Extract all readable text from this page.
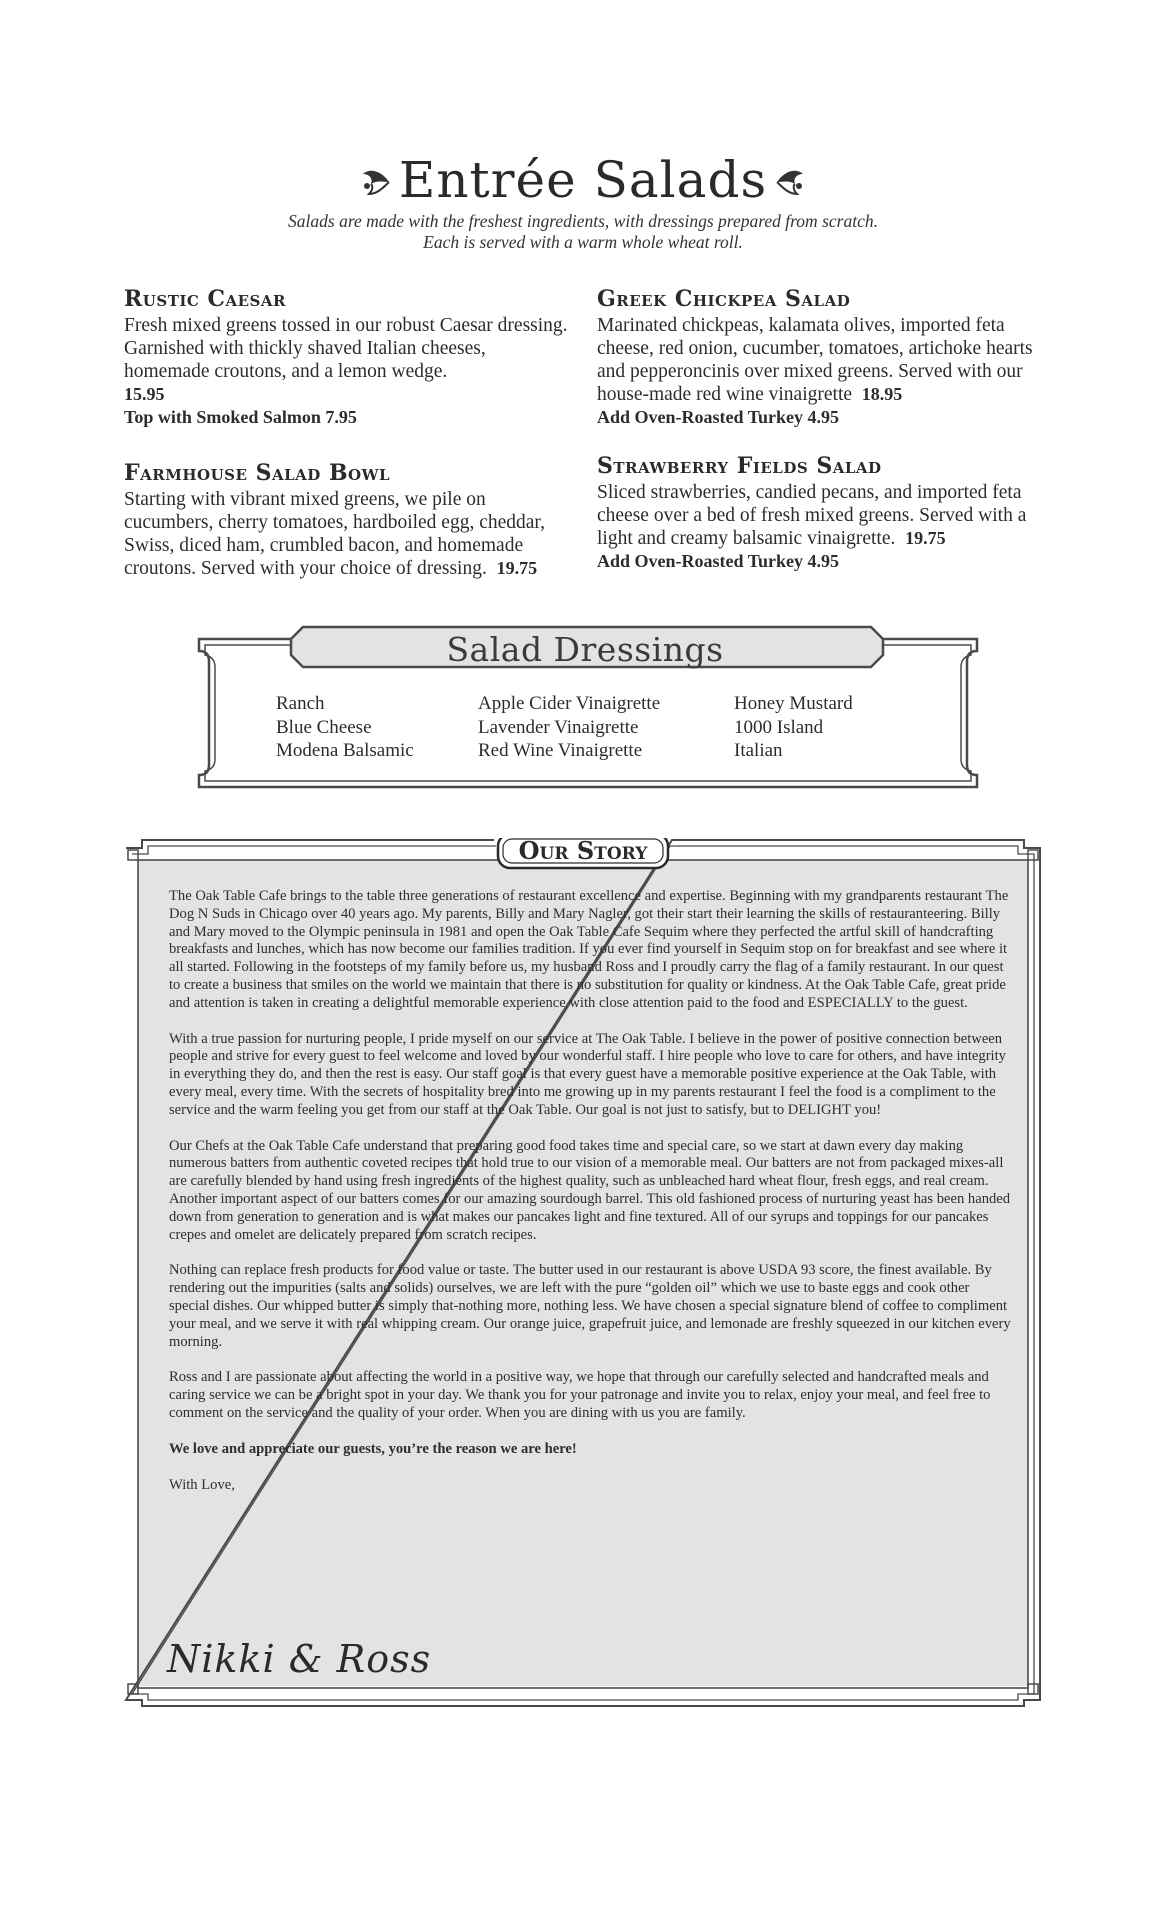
Entrée Salads
Salads are made with the freshest ingredients, with dressings prepared from scratch.
Each is served with a warm whole wheat roll.
Rustic Caesar
Fresh mixed greens tossed in our robust Caesar dressing. Garnished with thickly shaved Italian cheeses, homemade croutons, and a lemon wedge.
15.95
Top with Smoked Salmon 7.95
Farmhouse Salad Bowl
Starting with vibrant mixed greens, we pile on cucumbers, cherry tomatoes, hardboiled egg, cheddar, Swiss, diced ham, crumbled bacon, and homemade croutons. Served with your choice of dressing. 19.75
Greek Chickpea Salad
Marinated chickpeas, kalamata olives, imported feta cheese, red onion, cucumber, tomatoes, artichoke hearts and pepperoncinis over mixed greens. Served with our house-made red wine vinaigrette 18.95
Add Oven-Roasted Turkey 4.95
Strawberry Fields Salad
Sliced strawberries, candied pecans, and imported feta cheese over a bed of fresh mixed greens. Served with a light and creamy balsamic vinaigrette. 19.75
Add Oven-Roasted Turkey 4.95
Salad Dressings
Ranch
Blue Cheese
Modena Balsamic
Apple Cider Vinaigrette
Lavender Vinaigrette
Red Wine Vinaigrette
Honey Mustard
1000 Island
Italian
Our Story

The Oak Table Cafe brings to the table three generations of restaurant excellence and expertise. Beginning with my grandparents restaurant The Dog N Suds in Chicago over 40 years ago. My parents, Billy and Mary Nagler, got their start their learning the skills of restauranteering. Billy and Mary moved to the Olympic peninsula in 1981 and open the Oak Table Cafe Sequim where they perfected the artful skill of handcrafting breakfasts and lunches, which has now become our families tradition. If you ever find yourself in Sequim stop on for breakfast and see where it all started. Following in the footsteps of my family before us, my husband Ross and I proudly carry the flag of a family restaurant. In our quest to create a business that smiles on the world we maintain that there is no substitution for quality or kindness. At the Oak Table Cafe, great pride and attention is taken in creating a delightful memorable experience with close attention paid to the food and ESPECIALLY to the guest.

With a true passion for nurturing people, I pride myself on our service at The Oak Table. I believe in the power of positive connection between people and strive for every guest to feel welcome and loved by our wonderful staff. I hire people who love to care for others, and have integrity in everything they do, and then the rest is easy. Our staff goal is that every guest have a memorable positive experience at the Oak Table, with every meal, every time. With the secrets of hospitality bred into me growing up in my parents restaurant I feel the food is a compliment to the service and the warm feeling you get from our staff at the Oak Table. Our goal is not just to satisfy, but to DELIGHT you!

Our Chefs at the Oak Table Cafe understand that preparing good food takes time and special care, so we start at dawn every day making numerous batters from authentic coveted recipes that hold true to our vision of a memorable meal. Our batters are not from packaged mixes-all are carefully blended by hand using fresh ingredients of the highest quality, such as unbleached hard wheat flour, fresh eggs, and real cream. Another important aspect of our batters comes for our amazing sourdough barrel. This old fashioned process of nurturing yeast has been handed down from generation to generation and is what makes our pancakes light and fine textured. All of our syrups and toppings for our pancakes crepes and omelet are delicately prepared from scratch recipes.

Nothing can replace fresh products for food value or taste. The butter used in our restaurant is above USDA 93 score, the finest available. By rendering out the impurities (salts and solids) ourselves, we are left with the pure “golden oil” which we use to baste eggs and cook other special dishes. Our whipped butter is simply that-nothing more, nothing less. We have chosen a special signature blend of coffee to compliment your meal, and we serve it with real whipping cream. Our orange juice, grapefruit juice, and lemonade are freshly squeezed in our kitchen every morning.

Ross and I are passionate about affecting the world in a positive way, we hope that through our carefully selected and handcrafted meals and caring service we can be a bright spot in your day. We thank you for your patronage and invite you to relax, enjoy your meal, and feel free to comment on the service and the quality of your order. When you are dining with us you are family.

We love and appreciate our guests, you’re the reason we are here!

With Love,

Nikki & Ross
